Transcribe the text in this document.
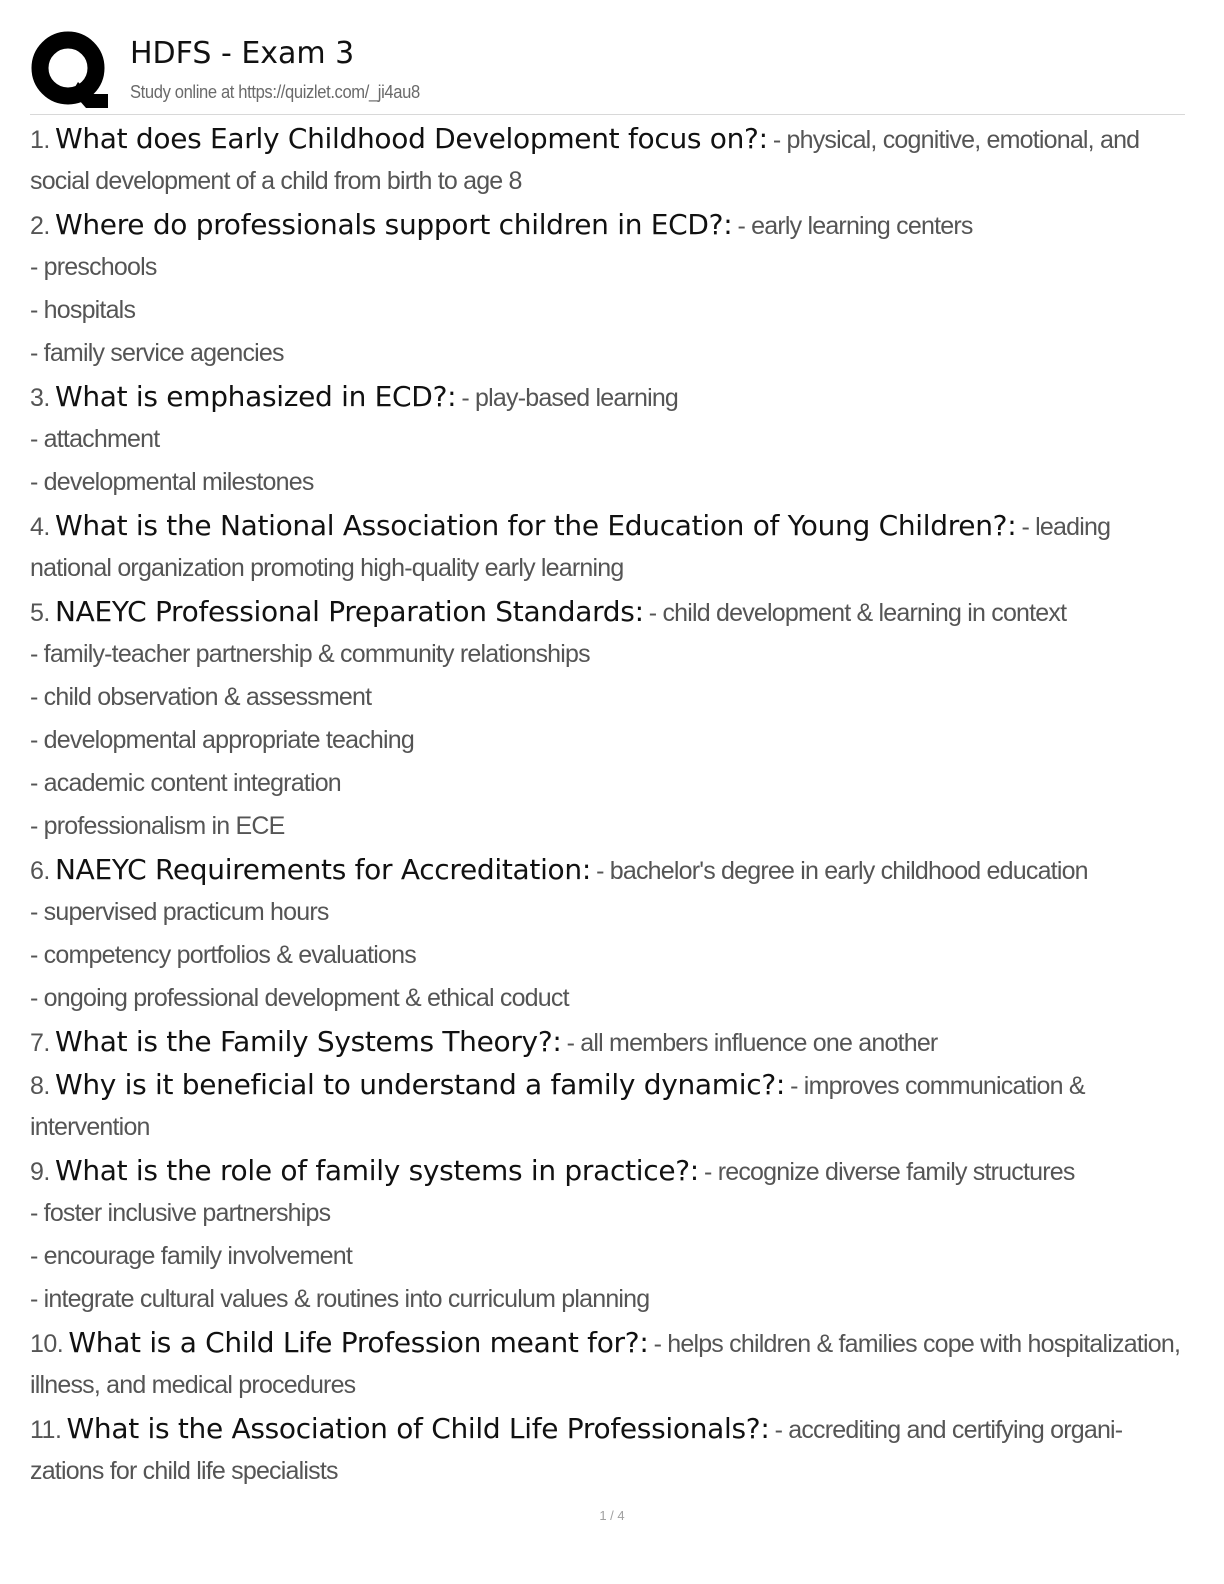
HDFS - Exam 3
Study online at https://quizlet.com/_ji4au8
1. What does Early Childhood Development focus on?: - physical, cognitive, emotional, and
social development of a child from birth to age 8
2. Where do professionals support children in ECD?: - early learning centers
- preschools
- hospitals
- family service agencies
3. What is emphasized in ECD?: - play-based learning
- attachment
- developmental milestones
4. What is the National Association for the Education of Young Children?: - leading
national organization promoting high-quality early learning
5. NAEYC Professional Preparation Standards: - child development & learning in context
- family-teacher partnership & community relationships
- child observation & assessment
- developmental appropriate teaching
- academic content integration
- professionalism in ECE
6. NAEYC Requirements for Accreditation: - bachelor's degree in early childhood education
- supervised practicum hours
- competency portfolios & evaluations
- ongoing professional development & ethical coduct
7. What is the Family Systems Theory?: - all members influence one another
8. Why is it beneficial to understand a family dynamic?: - improves communication &
intervention
9. What is the role of family systems in practice?: - recognize diverse family structures
- foster inclusive partnerships
- encourage family involvement
- integrate cultural values & routines into curriculum planning
10. What is a Child Life Profession meant for?: - helps children & families cope with hospitalization,
illness, and medical procedures
11. What is the Association of Child Life Professionals?: - accrediting and certifying organi-
zations for child life specialists
1 / 4
